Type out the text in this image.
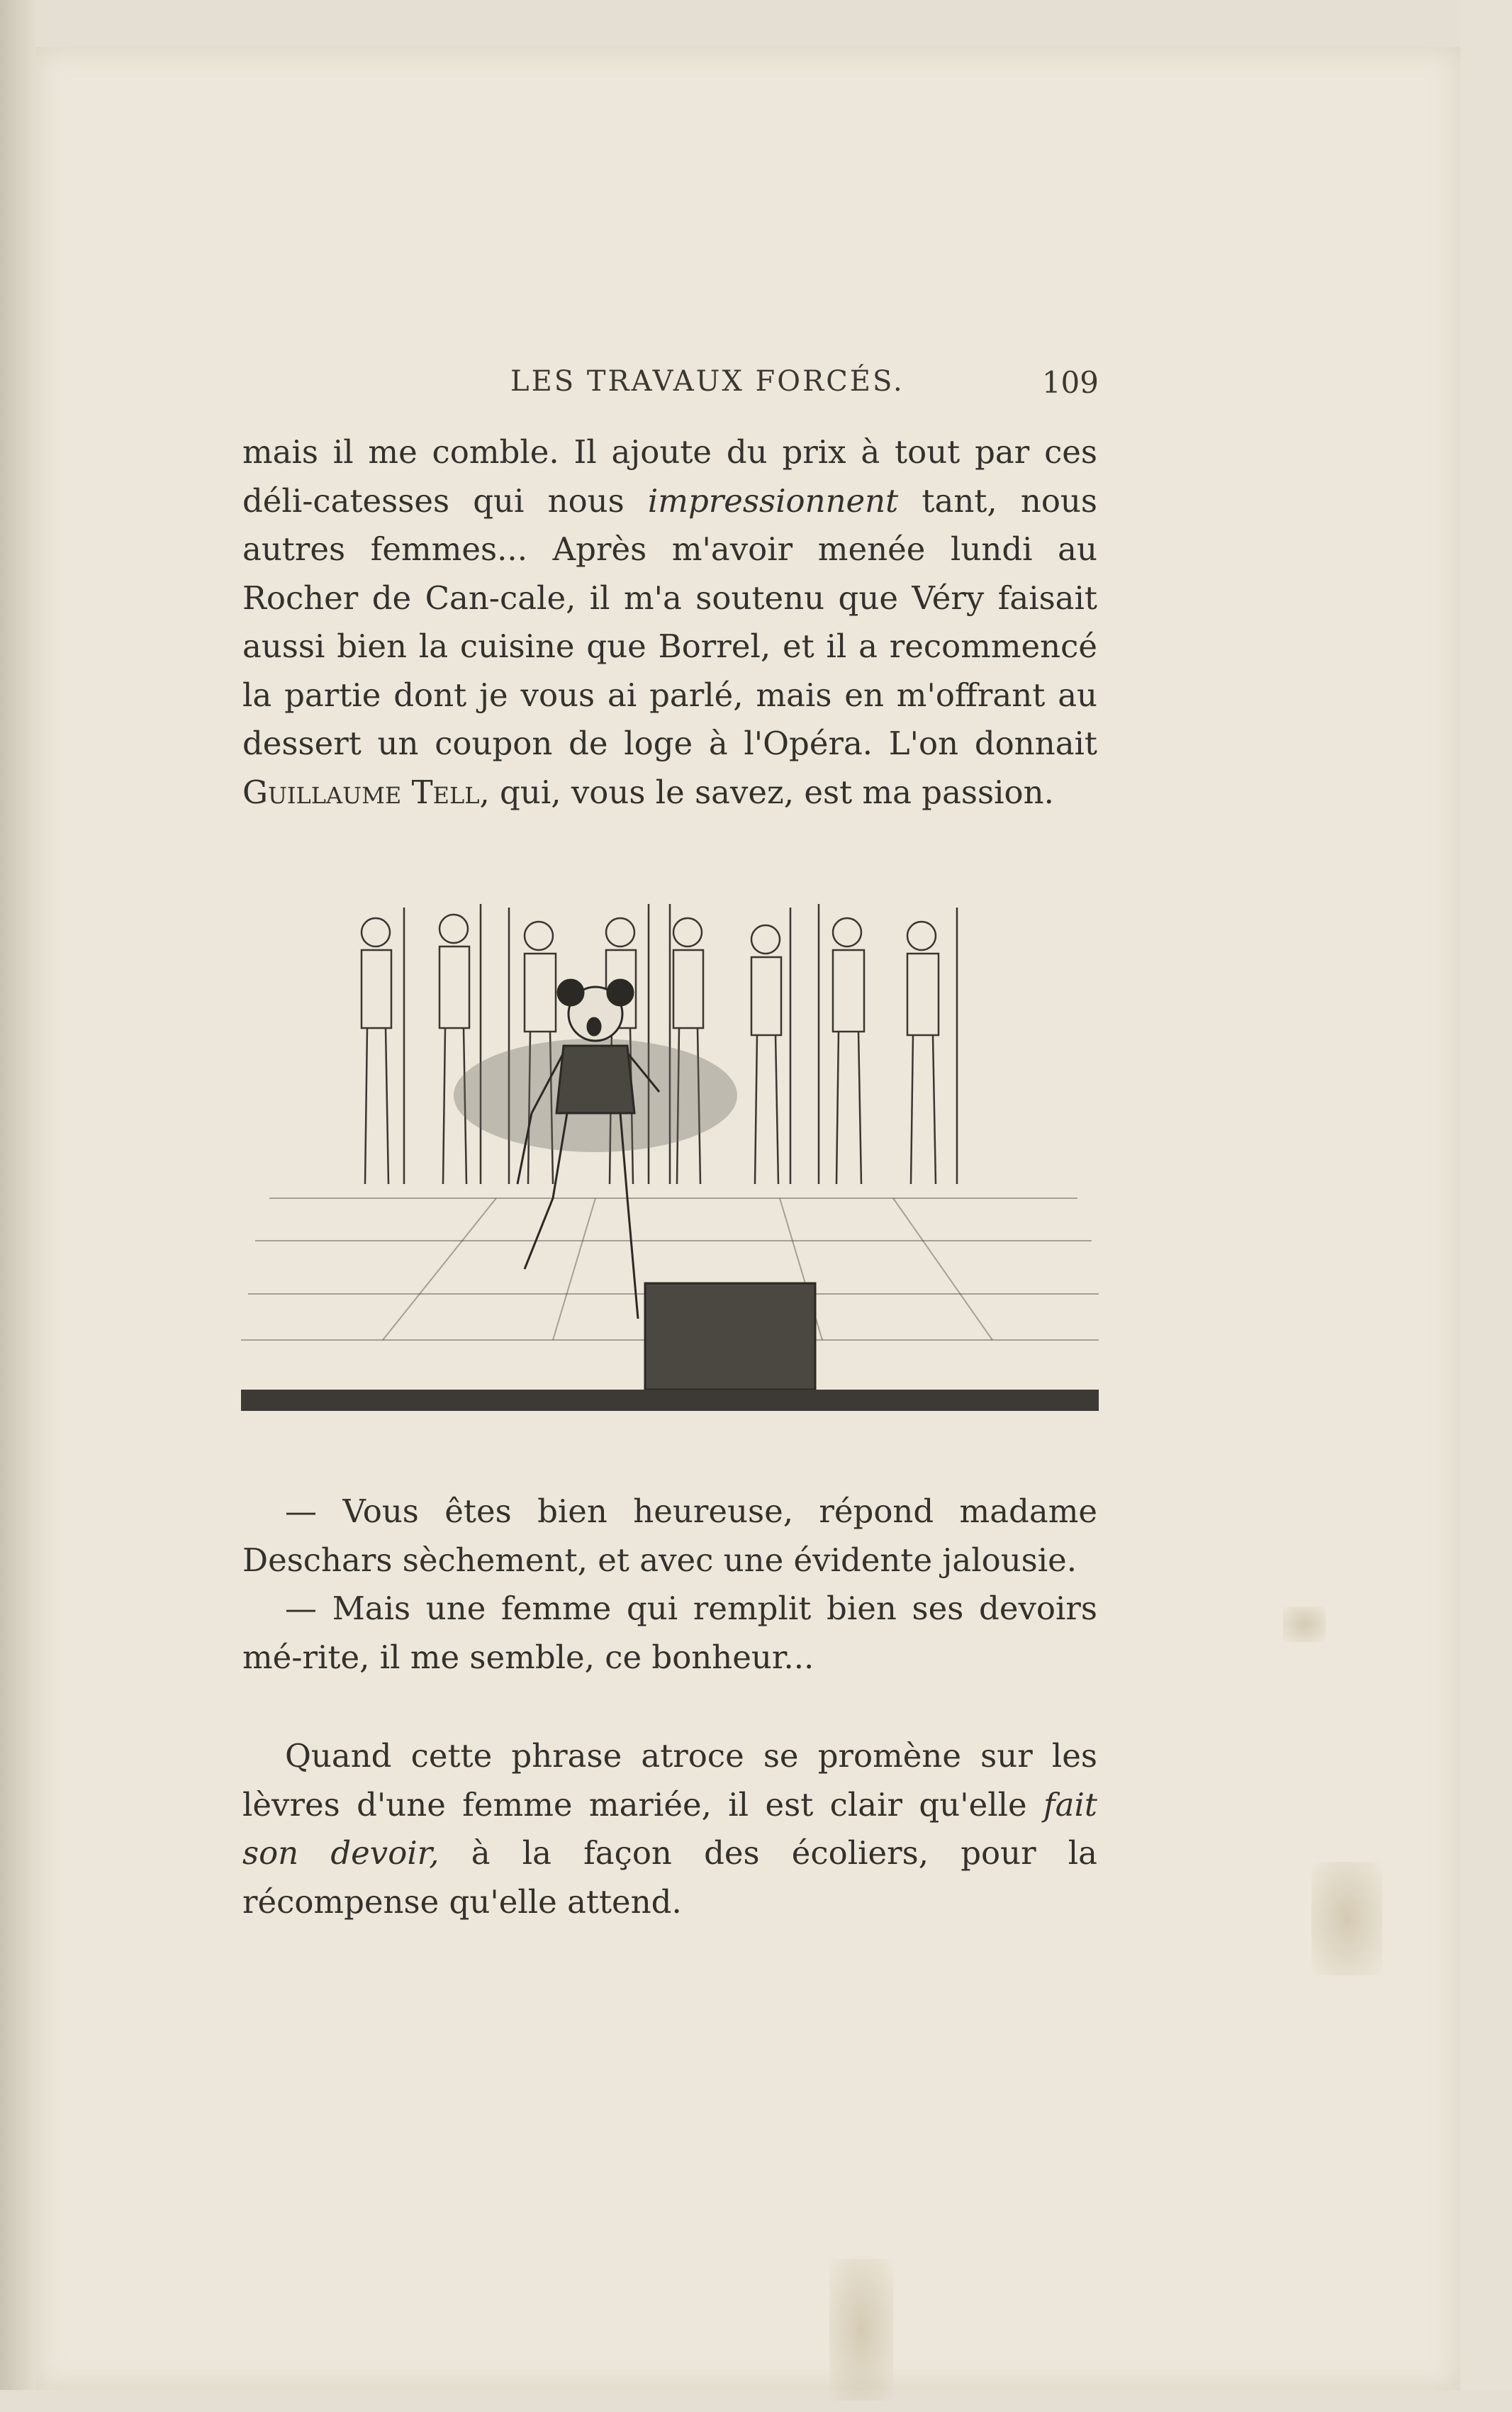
LES TRAVAUX FORCÉS.	109

mais il me comble. Il ajoute du prix à tout par ces déli-catesses qui nous impressionnent tant, nous autres femmes... Après m'avoir menée lundi au Rocher de Can-cale, il m'a soutenu que Véry faisait aussi bien la cuisine que Borrel, et il a recommencé la partie dont je vous ai parlé, mais en m'offrant au dessert un coupon de loge à l'Opéra. L'on donnait Guillaume Tell, qui, vous le savez, est ma passion.

— Vous êtes bien heureuse, répond madame Deschars sèchement, et avec une évidente jalousie.

— Mais une femme qui remplit bien ses devoirs mé-rite, il me semble, ce bonheur...

Quand cette phrase atroce se promène sur les lèvres d'une femme mariée, il est clair qu'elle fait son devoir, à la façon des écoliers, pour la récompense qu'elle attend.
